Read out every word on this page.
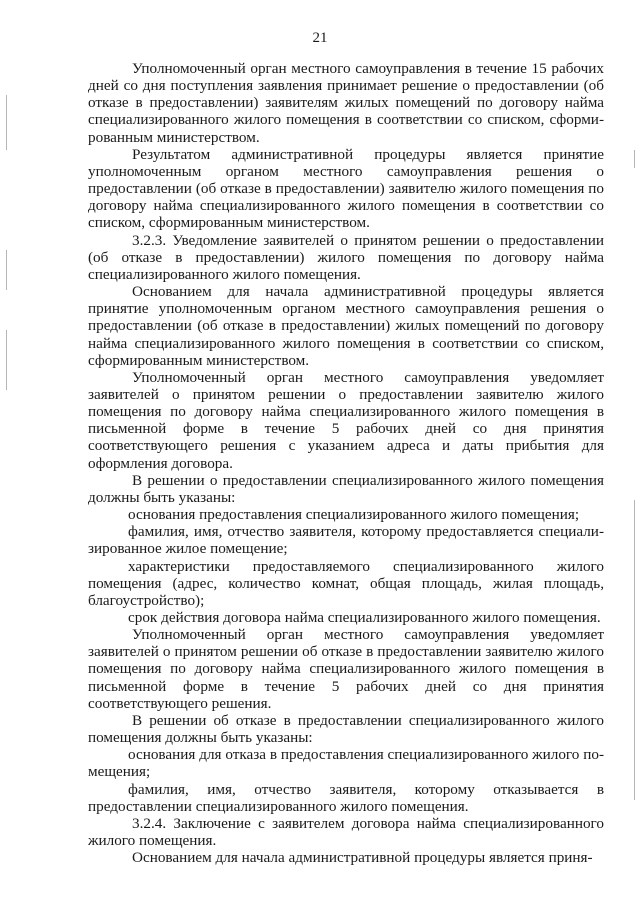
21

Уполномоченный орган местного самоуправления в течение 15 рабочих дней со дня поступления заявления принимает решение о предоставлении (об отказе в предоставлении) заявителям жилых помещений по договору найма специализированного жилого помещения в соответствии со списком, сформированным министерством.

Результатом административной процедуры является принятие уполномоченным органом местного самоуправления решения о предоставлении (об отказе в предоставлении) заявителю жилого помещения по договору найма специализированного жилого помещения в соответствии со списком, сформированным министерством.

3.2.3. Уведомление заявителей о принятом решении о предоставлении (об отказе в предоставлении) жилого помещения по договору найма специализированного жилого помещения.

Основанием для начала административной процедуры является принятие уполномоченным органом местного самоуправления решения о предоставлении (об отказе в предоставлении) жилых помещений по договору найма специализированного жилого помещения в соответствии со списком, сформированным министерством.

Уполномоченный орган местного самоуправления уведомляет заявителей о принятом решении о предоставлении заявителю жилого помещения по договору найма специализированного жилого помещения в письменной форме в течение 5 рабочих дней со дня принятия соответствующего решения с указанием адреса и даты прибытия для оформления договора.

В решении о предоставлении специализированного жилого помещения должны быть указаны:

основания предоставления специализированного жилого помещения;

фамилия, имя, отчество заявителя, которому предоставляется специализированное жилое помещение;

характеристики предоставляемого специализированного жилого помещения (адрес, количество комнат, общая площадь, жилая площадь, благоустройство);

срок действия договора найма специализированного жилого помещения.

Уполномоченный орган местного самоуправления уведомляет заявителей о принятом решении об отказе в предоставлении заявителю жилого помещения по договору найма специализированного жилого помещения в письменной форме в течение 5 рабочих дней со дня принятия соответствующего решения.

В решении об отказе в предоставлении специализированного жилого помещения должны быть указаны:

основания для отказа в предоставления специализированного жилого помещения;

фамилия, имя, отчество заявителя, которому отказывается в предоставлении специализированного жилого помещения.

3.2.4. Заключение с заявителем договора найма специализированного жилого помещения.

Основанием для начала административной процедуры является приня-
